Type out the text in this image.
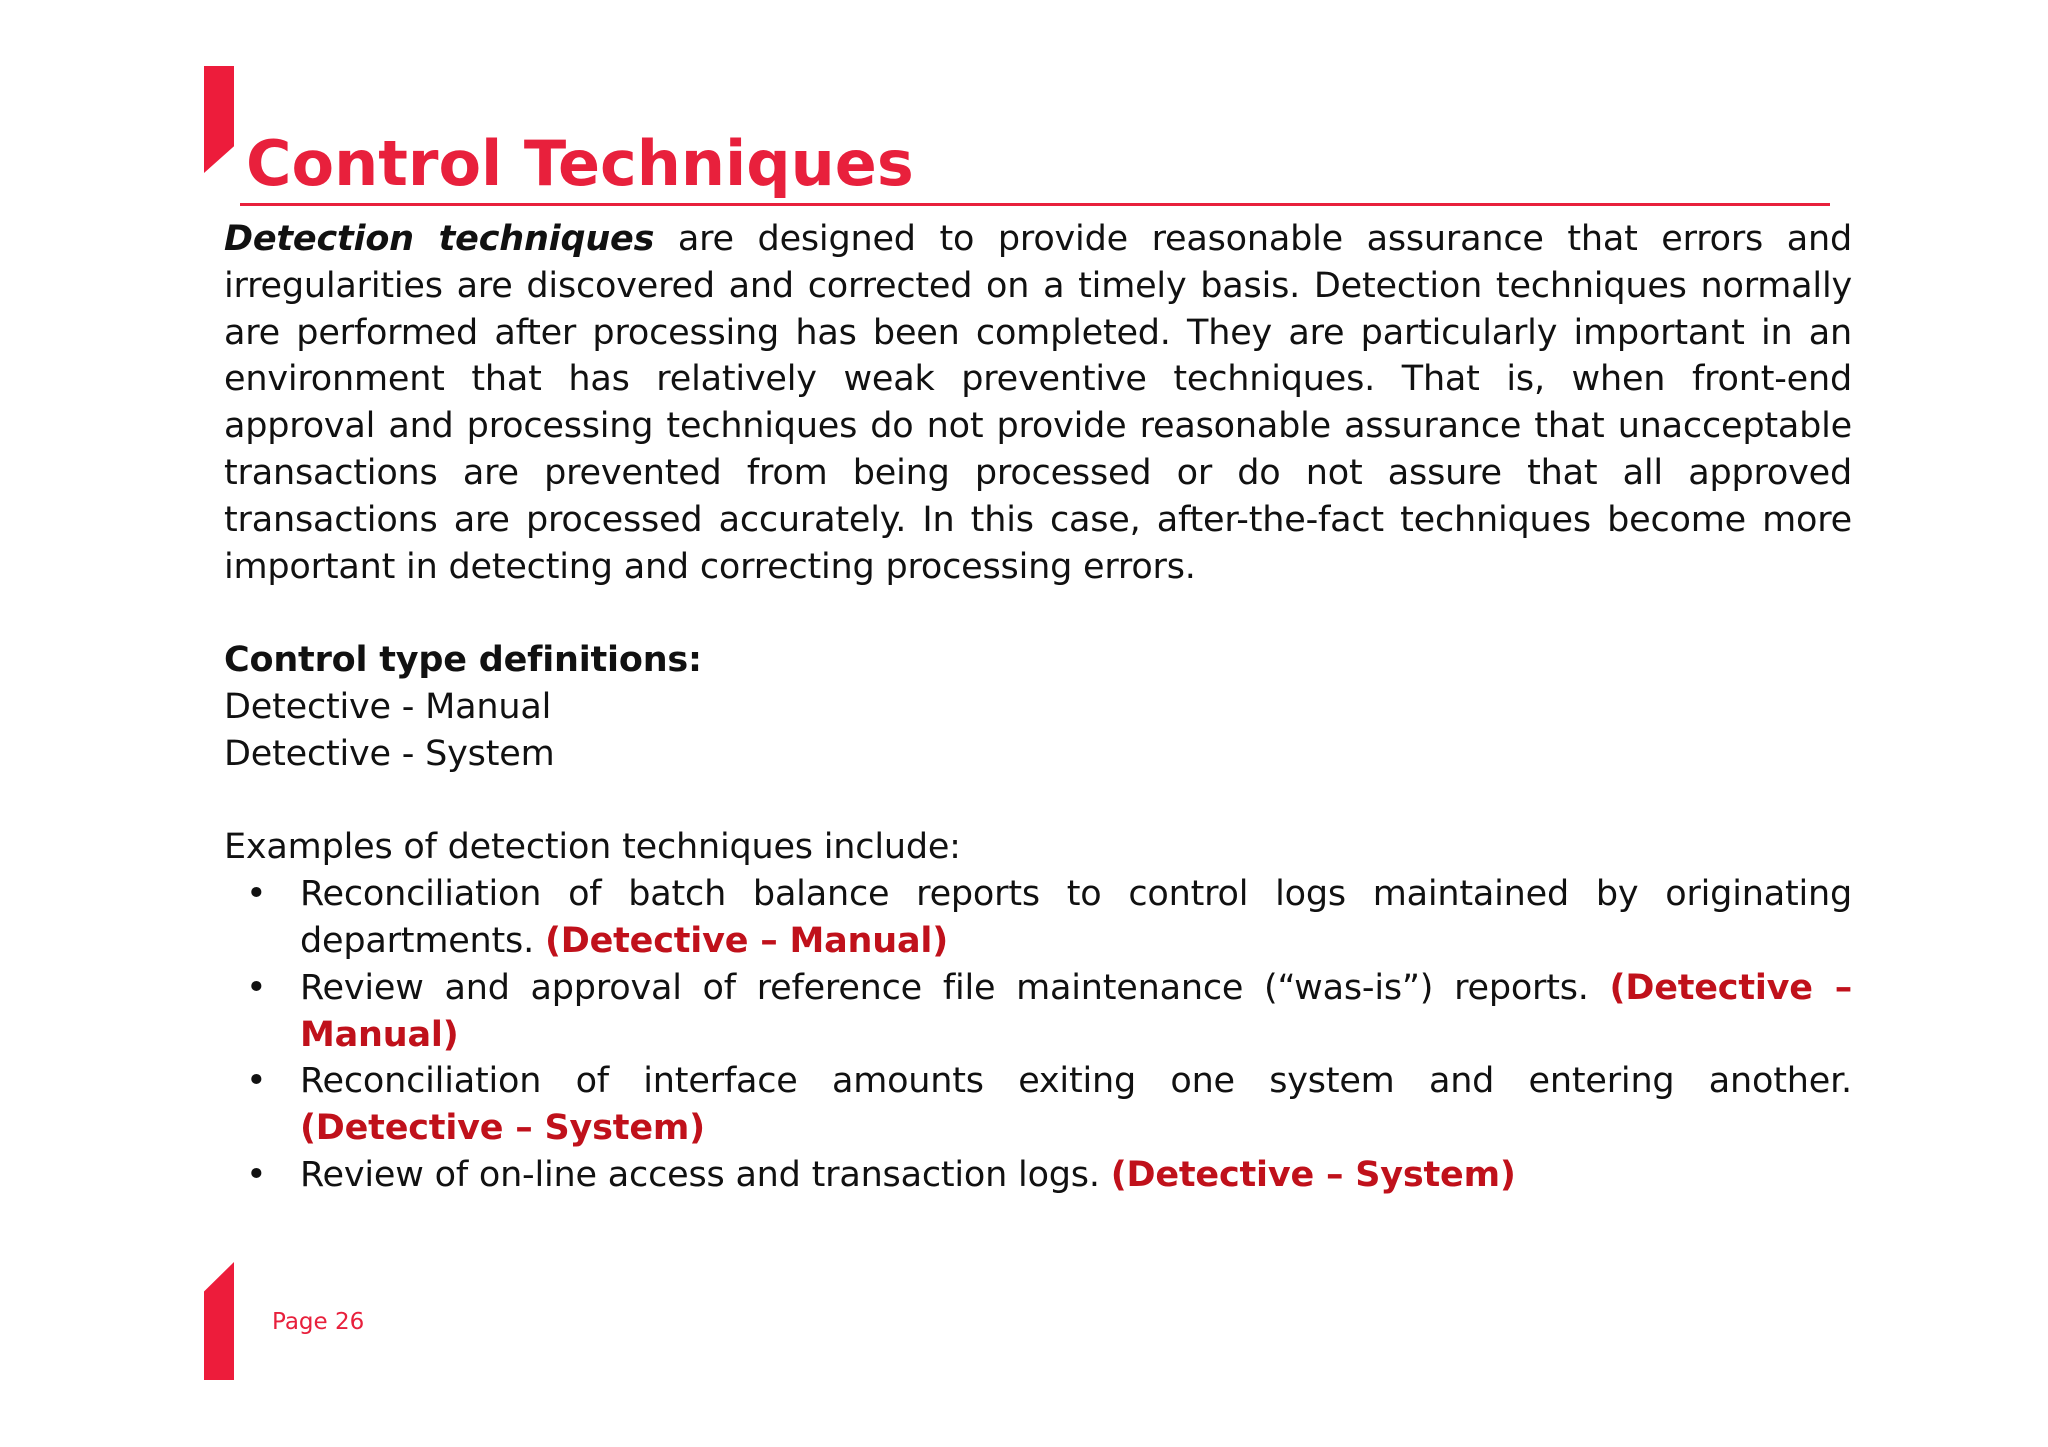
Control Techniques

Detection techniques are designed to provide reasonable assurance that errors and irregularities are discovered and corrected on a timely basis. Detection techniques normally are performed after processing has been completed. They are particularly important in an environment that has relatively weak preventive techniques. That is, when front-end approval and processing techniques do not provide reasonable assurance that unacceptable transactions are prevented from being processed or do not assure that all approved transactions are processed accurately. In this case, after-the-fact techniques become more important in detecting and correcting processing errors.

Control type definitions:

Detective - Manual

Detective - System

Examples of detection techniques include:

• Reconciliation of batch balance reports to control logs maintained by originating departments. (Detective – Manual)
• Review and approval of reference file maintenance (“was-is”) reports. (Detective – Manual)
• Reconciliation of interface amounts exiting one system and entering another. (Detective – System)
• Review of on-line access and transaction logs. (Detective – System)
Page 26
